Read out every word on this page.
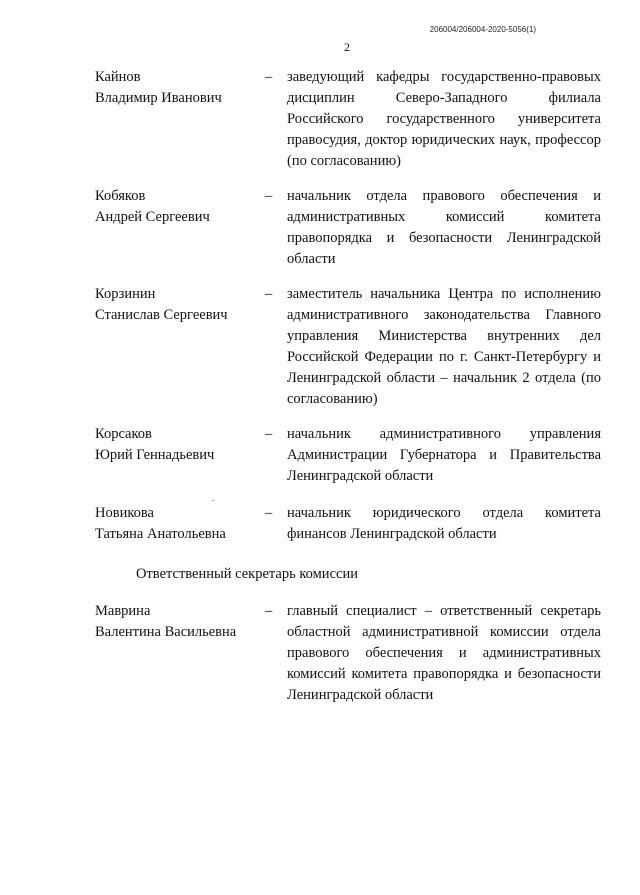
206004/206004-2020-5056(1)
2
Кайнов
Владимир Иванович
– заведующий кафедры государственно-правовых дисциплин Северо-Западного филиала Российского государственного университета правосудия, доктор юридических наук, профессор (по согласованию)
Кобяков
Андрей Сергеевич
– начальник отдела правового обеспечения и административных комиссий комитета правопорядка и безопасности Ленинградской области
Корзинин
Станислав Сергеевич
– заместитель начальника Центра по исполнению административного законодательства Главного управления Министерства внутренних дел Российской Федерации по г. Санкт-Петербургу и Ленинградской области – начальник 2 отдела (по согласованию)
Корсаков
Юрий Геннадьевич
– начальник административного управления Администрации Губернатора и Правительства Ленинградской области
Новикова
Татьяна Анатольевна
– начальник юридического отдела комитета финансов Ленинградской области
Ответственный секретарь комиссии
Маврина
Валентина Васильевна
– главный специалист – ответственный секретарь областной административной комиссии отдела правового обеспечения и административных комиссий комитета правопорядка и безопасности Ленинградской области
